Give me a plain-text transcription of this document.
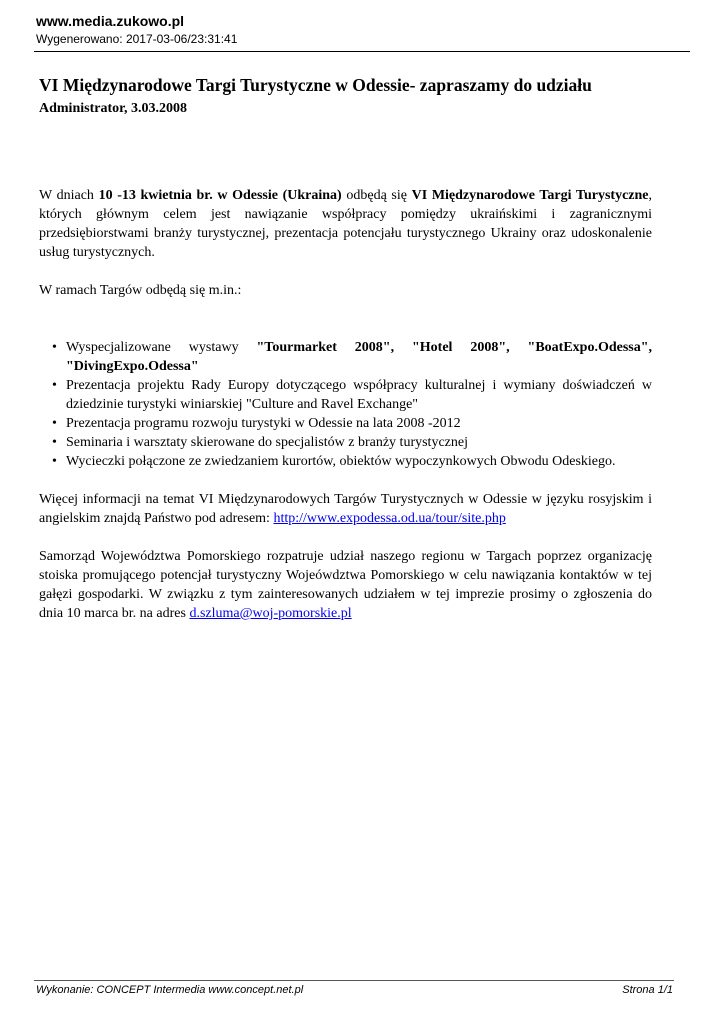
www.media.zukowo.pl
Wygenerowano: 2017-03-06/23:31:41
VI Międzynarodowe Targi Turystyczne w Odessie- zapraszamy do udziału
Administrator, 3.03.2008

W dniach 10 -13 kwietnia br. w Odessie (Ukraina) odbędą się VI Międzynarodowe Targi Turystyczne, których głównym celem jest nawiązanie współpracy pomiędzy ukraińskimi i zagranicznymi przedsiębiorstwami branży turystycznej, prezentacja potencjału turystycznego Ukrainy oraz udoskonalenie usług turystycznych.

W ramach Targów odbędą się m.in.:

• Wyspecjalizowane wystawy "Tourmarket 2008", "Hotel 2008", "BoatExpo.Odessa", "DivingExpo.Odessa"
• Prezentacja projektu Rady Europy dotyczącego współpracy kulturalnej i wymiany doświadczeń w dziedzinie turystyki winiarskiej "Culture and Ravel Exchange"
• Prezentacja programu rozwoju turystyki w Odessie na lata 2008 -2012
• Seminaria i warsztaty skierowane do specjalistów z branży turystycznej
• Wycieczki połączone ze zwiedzaniem kurortów, obiektów wypoczynkowych Obwodu Odeskiego.

Więcej informacji na temat VI Międzynarodowych Targów Turystycznych w Odessie w języku rosyjskim i angielskim znajdą Państwo pod adresem: http://www.expodessa.od.ua/tour/site.php

Samorząd Województwa Pomorskiego rozpatruje udział naszego regionu w Targach poprzez organizację stoiska promującego potencjał turystyczny Wojeówdztwa Pomorskiego w celu nawiązania kontaktów w tej gałęzi gospodarki. W związku z tym zainteresowanych udziałem w tej imprezie prosimy o zgłoszenia do dnia 10 marca br. na adres d.szluma@woj-pomorskie.pl

Wykonanie: CONCEPT Intermedia www.concept.net.pl	Strona 1/1
